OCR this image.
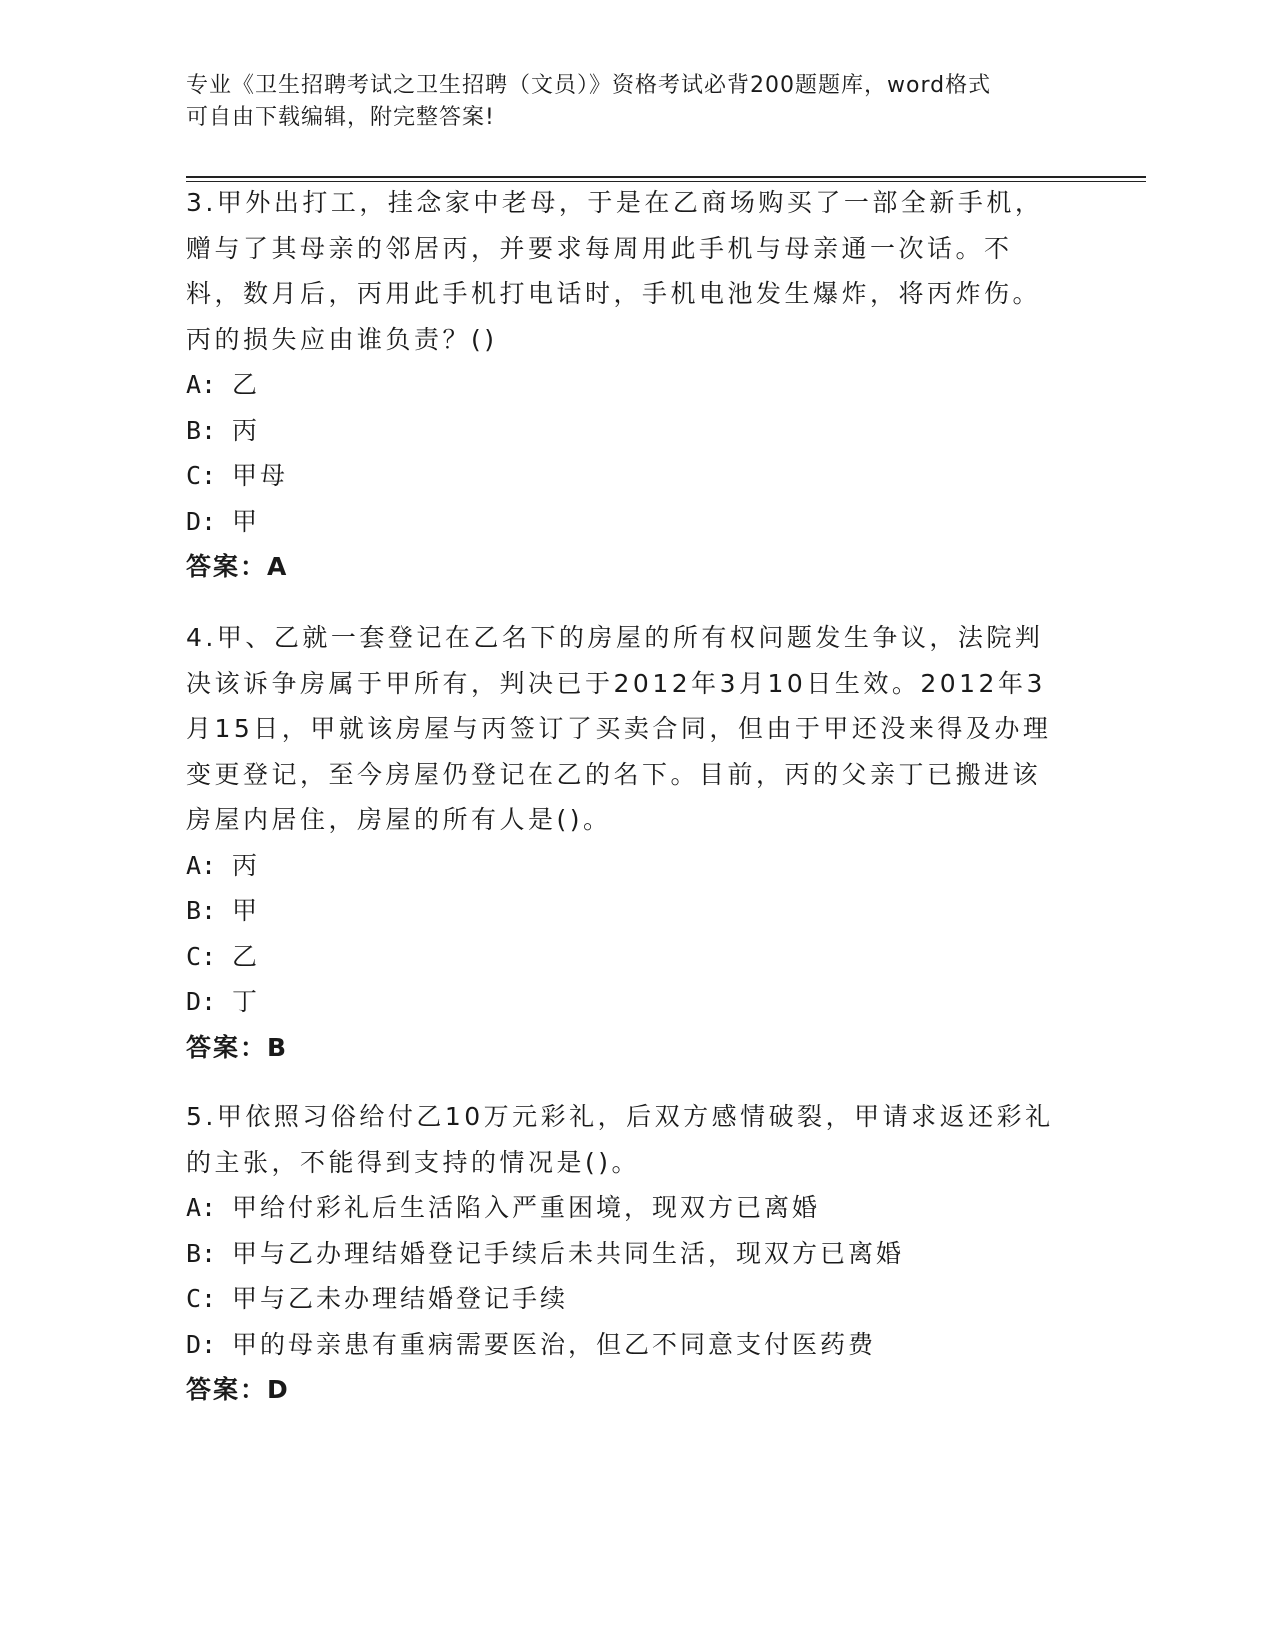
专业《卫生招聘考试之卫生招聘（文员）》资格考试必背200题题库，word格式
可自由下载编辑，附完整答案!

3.甲外出打工，挂念家中老母，于是在乙商场购买了一部全新手机，赠与了其母亲的邻居丙，并要求每周用此手机与母亲通一次话。不料，数月后，丙用此手机打电话时，手机电池发生爆炸，将丙炸伤。丙的损失应由谁负责？()

A: 乙

B: 丙

C: 甲母

D: 甲

答案：A

4.甲、乙就一套登记在乙名下的房屋的所有权问题发生争议，法院判决该诉争房属于甲所有，判决已于2012年3月10日生效。2012年3月15日，甲就该房屋与丙签订了买卖合同，但由于甲还没来得及办理变更登记，至今房屋仍登记在乙的名下。目前，丙的父亲丁已搬进该房屋内居住，房屋的所有人是()。

A: 丙

B: 甲

C: 乙

D: 丁

答案：B

5.甲依照习俗给付乙10万元彩礼，后双方感情破裂，甲请求返还彩礼的主张，不能得到支持的情况是()。

A: 甲给付彩礼后生活陷入严重困境，现双方已离婚

B: 甲与乙办理结婚登记手续后未共同生活，现双方已离婚

C: 甲与乙未办理结婚登记手续

D: 甲的母亲患有重病需要医治，但乙不同意支付医药费

答案：D
